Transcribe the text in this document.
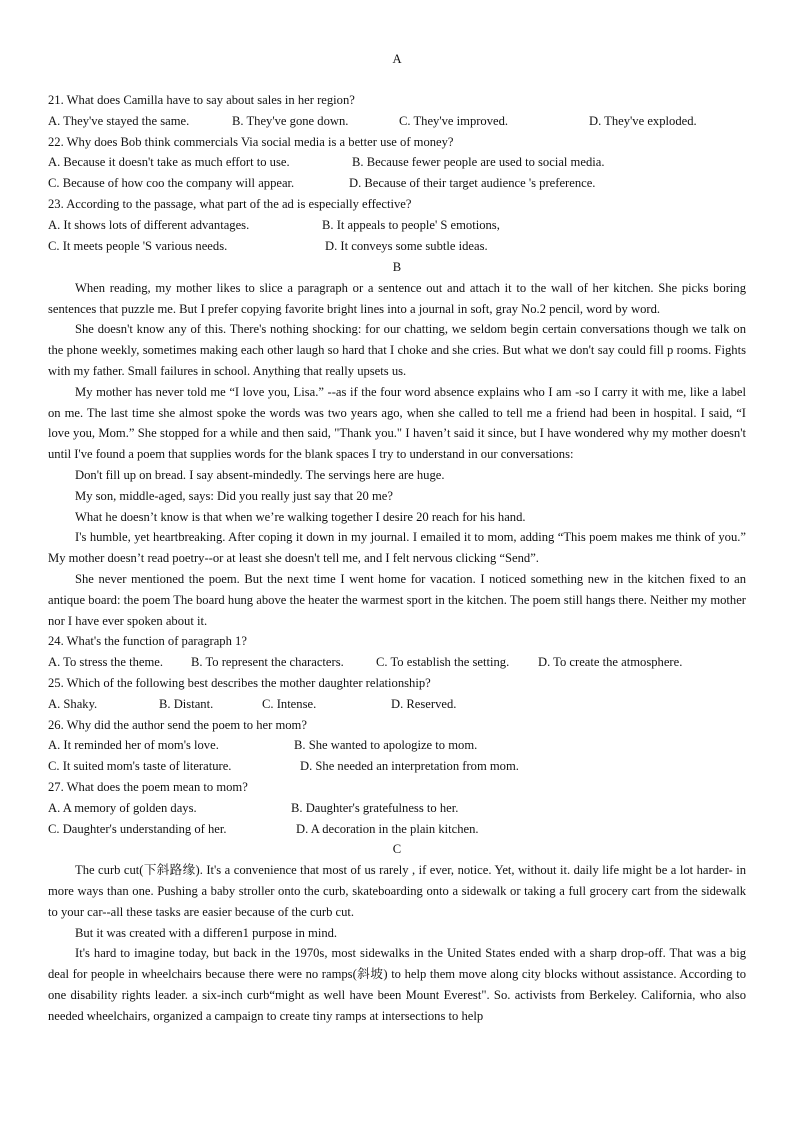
A
21. What does Camilla have to say about sales in her region?
A. They've stayed the same.	B. They've gone down.	C. They've improved.	D. They've exploded.
22. Why does Bob think commercials Via social media is a better use of money?
A. Because it doesn't take as much effort to use.	B. Because fewer people are used to social media.
C. Because of how coo the company will appear.	D. Because of their target audience 's preference.
23. According to the passage, what part of the ad is especially effective?
A. It shows lots of different advantages.	B. It appeals to people' S emotions,
C. It meets people 'S various needs.	D. It conveys some subtle ideas.

B

When reading, my mother likes to slice a paragraph or a sentence out and attach it to the wall of her kitchen. She picks boring sentences that puzzle me. But I prefer copying favorite bright lines into a journal in soft, gray No.2 pencil, word by word.

She doesn't know any of this. There's nothing shocking: for our chatting, we seldom begin certain conversations though we talk on the phone weekly, sometimes making each other laugh so hard that I choke and she cries. But what we don't say could fill p rooms. Fights with my father. Small failures in school. Anything that really upsets us.

My mother has never told me “I love you, Lisa.” --as if the four word absence explains who I am -so I carry it with me, like a label on me. The last time she almost spoke the words was two years ago, when she called to tell me a friend had been in hospital. I said, “I love you, Mom.” She stopped for a while and then said, "Thank you." I haven’t said it since, but I have wondered why my mother doesn't until I've found a poem that supplies words for the blank spaces I try to understand in our conversations:

Don't fill up on bread. I say absent-mindedly. The servings here are huge.

My son, middle-aged, says: Did you really just say that 20 me?

What he doesn’t know is that when we’re walking together I desire 20 reach for his hand.

I's humble, yet heartbreaking. After coping it down in my journal. I emailed it to mom, adding “This poem makes me think of you.” My mother doesn’t read poetry--or at least she doesn't tell me, and I felt nervous clicking “Send”.

She never mentioned the poem. But the next time I went home for vacation. I noticed something new in the kitchen fixed to an antique board: the poem The board hung above the heater the warmest sport in the kitchen. The poem still hangs there. Neither my mother nor I have ever spoken about it.

24. What's the function of paragraph 1?
A. To stress the theme. B. To represent the characters.	C. To establish the setting. D. To create the atmosphere.
25. Which of the following best describes the mother daughter relationship?
A. Shaky.	B. Distant.	C. Intense.	D. Reserved.
26. Why did the author send the poem to her mom?
A. It reminded her of mom's love.	B. She wanted to apologize to mom.
C. It suited mom's taste of literature.	D. She needed an interpretation from mom.
27. What does the poem mean to mom?
A. A memory of golden days.	B. Daughter's gratefulness to her.
C. Daughter's understanding of her.	D. A decoration in the plain kitchen.

C

The curb cut(下斜路缘). It's a convenience that most of us rarely , if ever, notice. Yet, without it. daily life might be a lot harder- in more ways than one. Pushing a baby stroller onto the curb, skateboarding onto a sidewalk or taking a full grocery cart from the sidewalk to your car--all these tasks are easier because of the curb cut.

But it was created with a differen1 purpose in mind.

It's hard to imagine today, but back in the 1970s, most sidewalks in the United States ended with a sharp drop-off. That was a big deal for people in wheelchairs because there were no ramps(斜坡) to help them move along city blocks without assistance. According to one disability rights leader. a six-inch curb“might as well have been Mount Everest". So. activists from Berkeley. California, who also needed wheelchairs, organized a campaign to create tiny ramps at intersections to help
